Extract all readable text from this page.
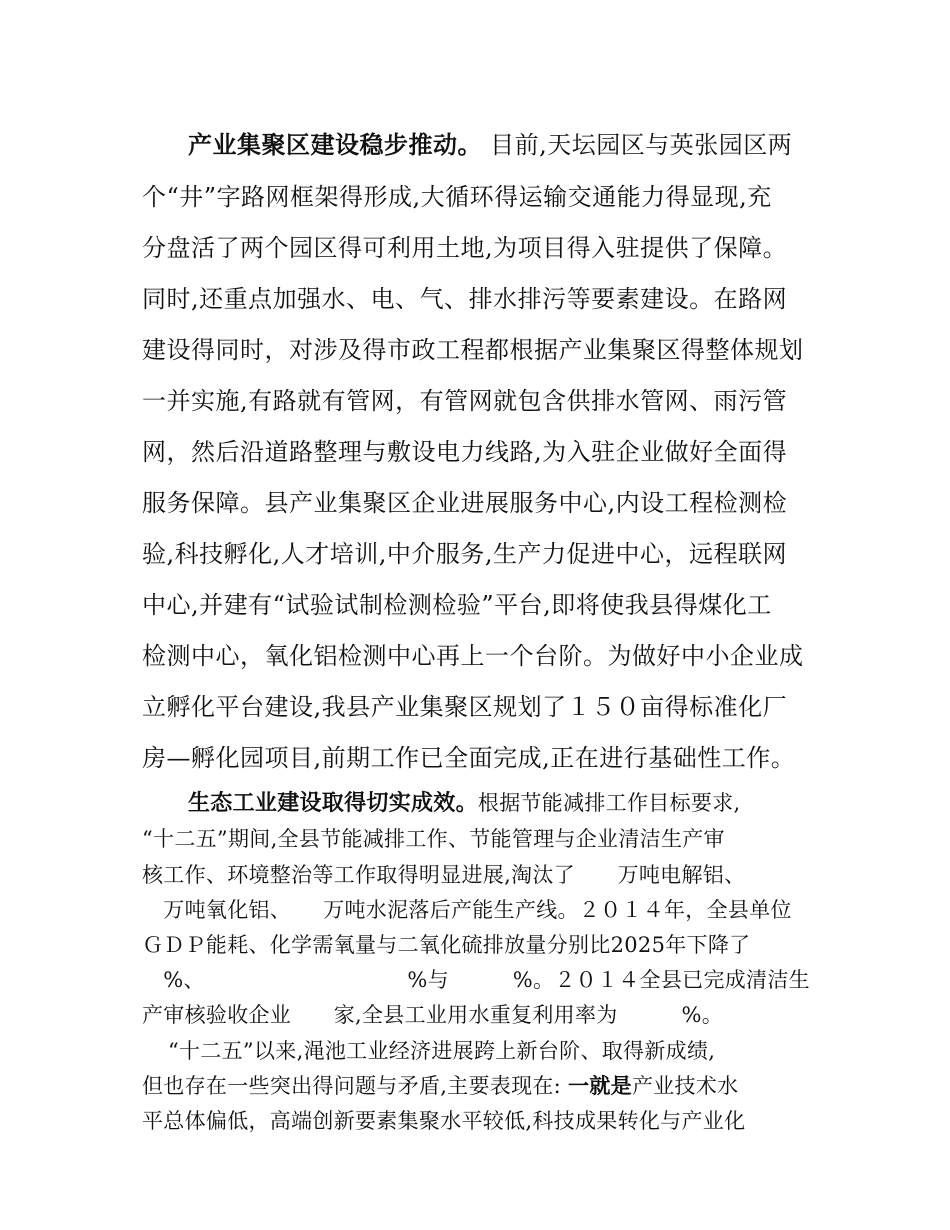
产业集聚区建设稳步推动。 目前,天坛园区与英张园区两
个“井”字路网框架得形成,大循环得运输交通能力得显现,充
分盘活了两个园区得可利用土地,为项目得入驻提供了保障。
同时,还重点加强水、电、气、排水排污等要素建设。在路网
建设得同时，对涉及得市政工程都根据产业集聚区得整体规划
一并实施,有路就有管网，有管网就包含供排水管网、雨污管
网，然后沿道路整理与敷设电力线路,为入驻企业做好全面得
服务保障。县产业集聚区企业进展服务中心,内设工程检测检
验,科技孵化,人才培训,中介服务,生产力促进中心，远程联网
中心,并建有“试验试制检测检验”平台,即将使我县得煤化工
检测中心，氧化铝检测中心再上一个台阶。为做好中小企业成
立孵化平台建设,我县产业集聚区规划了１５０亩得标准化厂
房—孵化园项目,前期工作已全面完成,正在进行基础性工作。
生态工业建设取得切实成效。根据节能减排工作目标要求,
“十二五”期间,全县节能减排工作、节能管理与企业清洁生产审
核工作、环境整治等工作取得明显进展,淘汰了　　万吨电解铝、
　万吨氧化铝、　　万吨水泥落后产能生产线。２０１４年，全县单位
ＧＤＰ能耗、化学需氧量与二氧化硫排放量分别比2025年下降了
　%、　　　　　　　　　　%与　　　%。２０１４全县已完成清洁生
产审核验收企业　　家,全县工业用水重复利用率为　　　%。
“十二五”以来,渑池工业经济进展跨上新台阶、取得新成绩,
但也存在一些突出得问题与矛盾,主要表现在: 一就是产业技术水
平总体偏低，高端创新要素集聚水平较低,科技成果转化与产业化
